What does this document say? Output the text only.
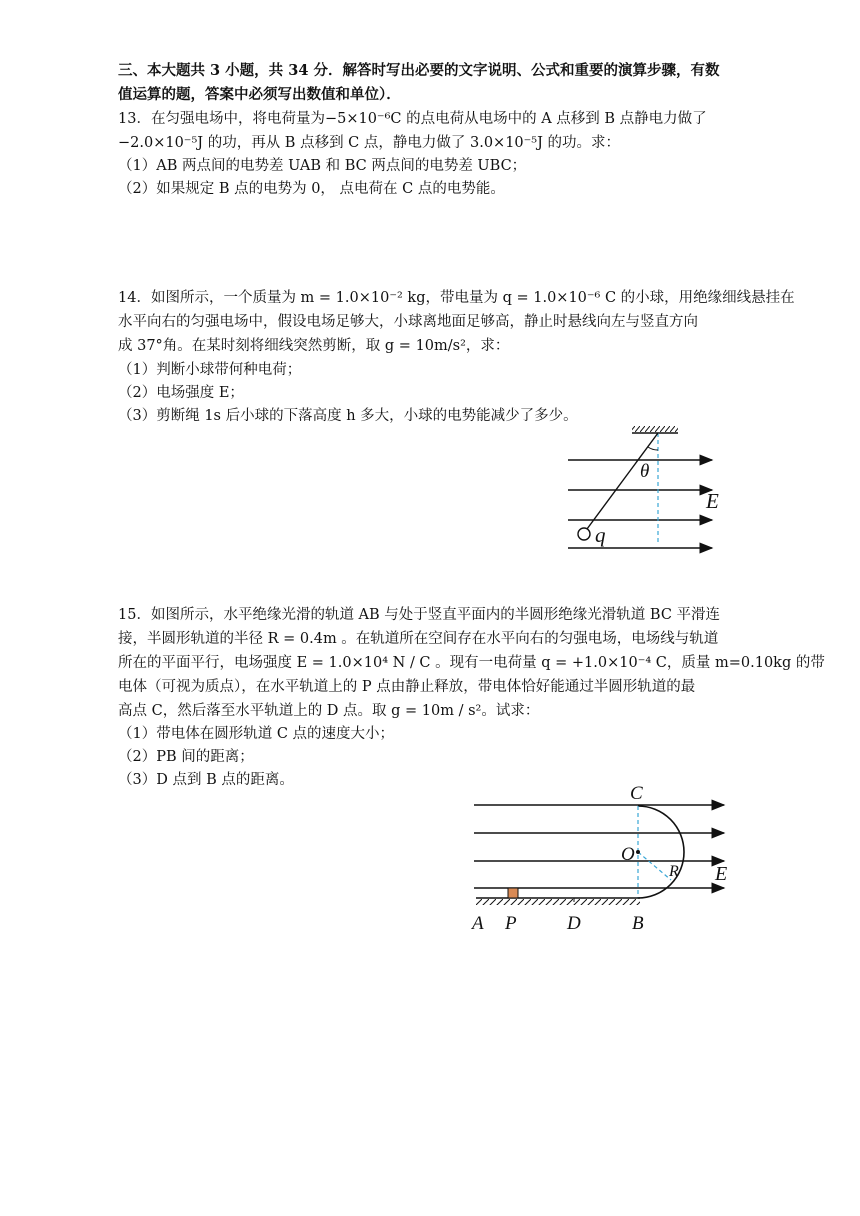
三、本大题共 3 小题，共 34 分．解答时写出必要的文字说明、公式和重要的演算步骤，有数
值运算的题，答案中必须写出数值和单位）．
13．在匀强电场中，将电荷量为−5×10⁻⁶C 的点电荷从电场中的 A 点移到 B 点静电力做了
−2.0×10⁻⁵J 的功，再从 B 点移到 C 点，静电力做了 3.0×10⁻⁵J 的功。求：
（1）AB 两点间的电势差 UAB 和 BC 两点间的电势差 UBC；
（2）如果规定 B 点的电势为 0， 点电荷在 C 点的电势能。
14．如图所示，一个质量为 m = 1.0×10⁻² kg，带电量为 q = 1.0×10⁻⁶ C 的小球，用绝缘细线悬挂在
水平向右的匀强电场中，假设电场足够大，小球离地面足够高，静止时悬线向左与竖直方向
成 37°角。在某时刻将细线突然剪断，取 g = 10m/s²，求：
（1）判断小球带何种电荷；
（2）电场强度 E；
（3）剪断绳 1s 后小球的下落高度 h 多大，小球的电势能减少了多少。
θ
E
q
15．如图所示，水平绝缘光滑的轨道 AB 与处于竖直平面内的半圆形绝缘光滑轨道 BC 平滑连
接，半圆形轨道的半径 R = 0.4m 。在轨道所在空间存在水平向右的匀强电场，电场线与轨道
所在的平面平行，电场强度 E = 1.0×10⁴ N / C 。现有一电荷量 q = +1.0×10⁻⁴ C，质量 m=0.10kg 的带
电体（可视为质点），在水平轨道上的 P 点由静止释放，带电体恰好能通过半圆形轨道的最
高点 C，然后落至水平轨道上的 D 点。取 g = 10m / s²。试求：
（1）带电体在圆形轨道 C 点的速度大小；
（2）PB 间的距离；
（3）D 点到 B 点的距离。
C
O
R E
A P	D	B
